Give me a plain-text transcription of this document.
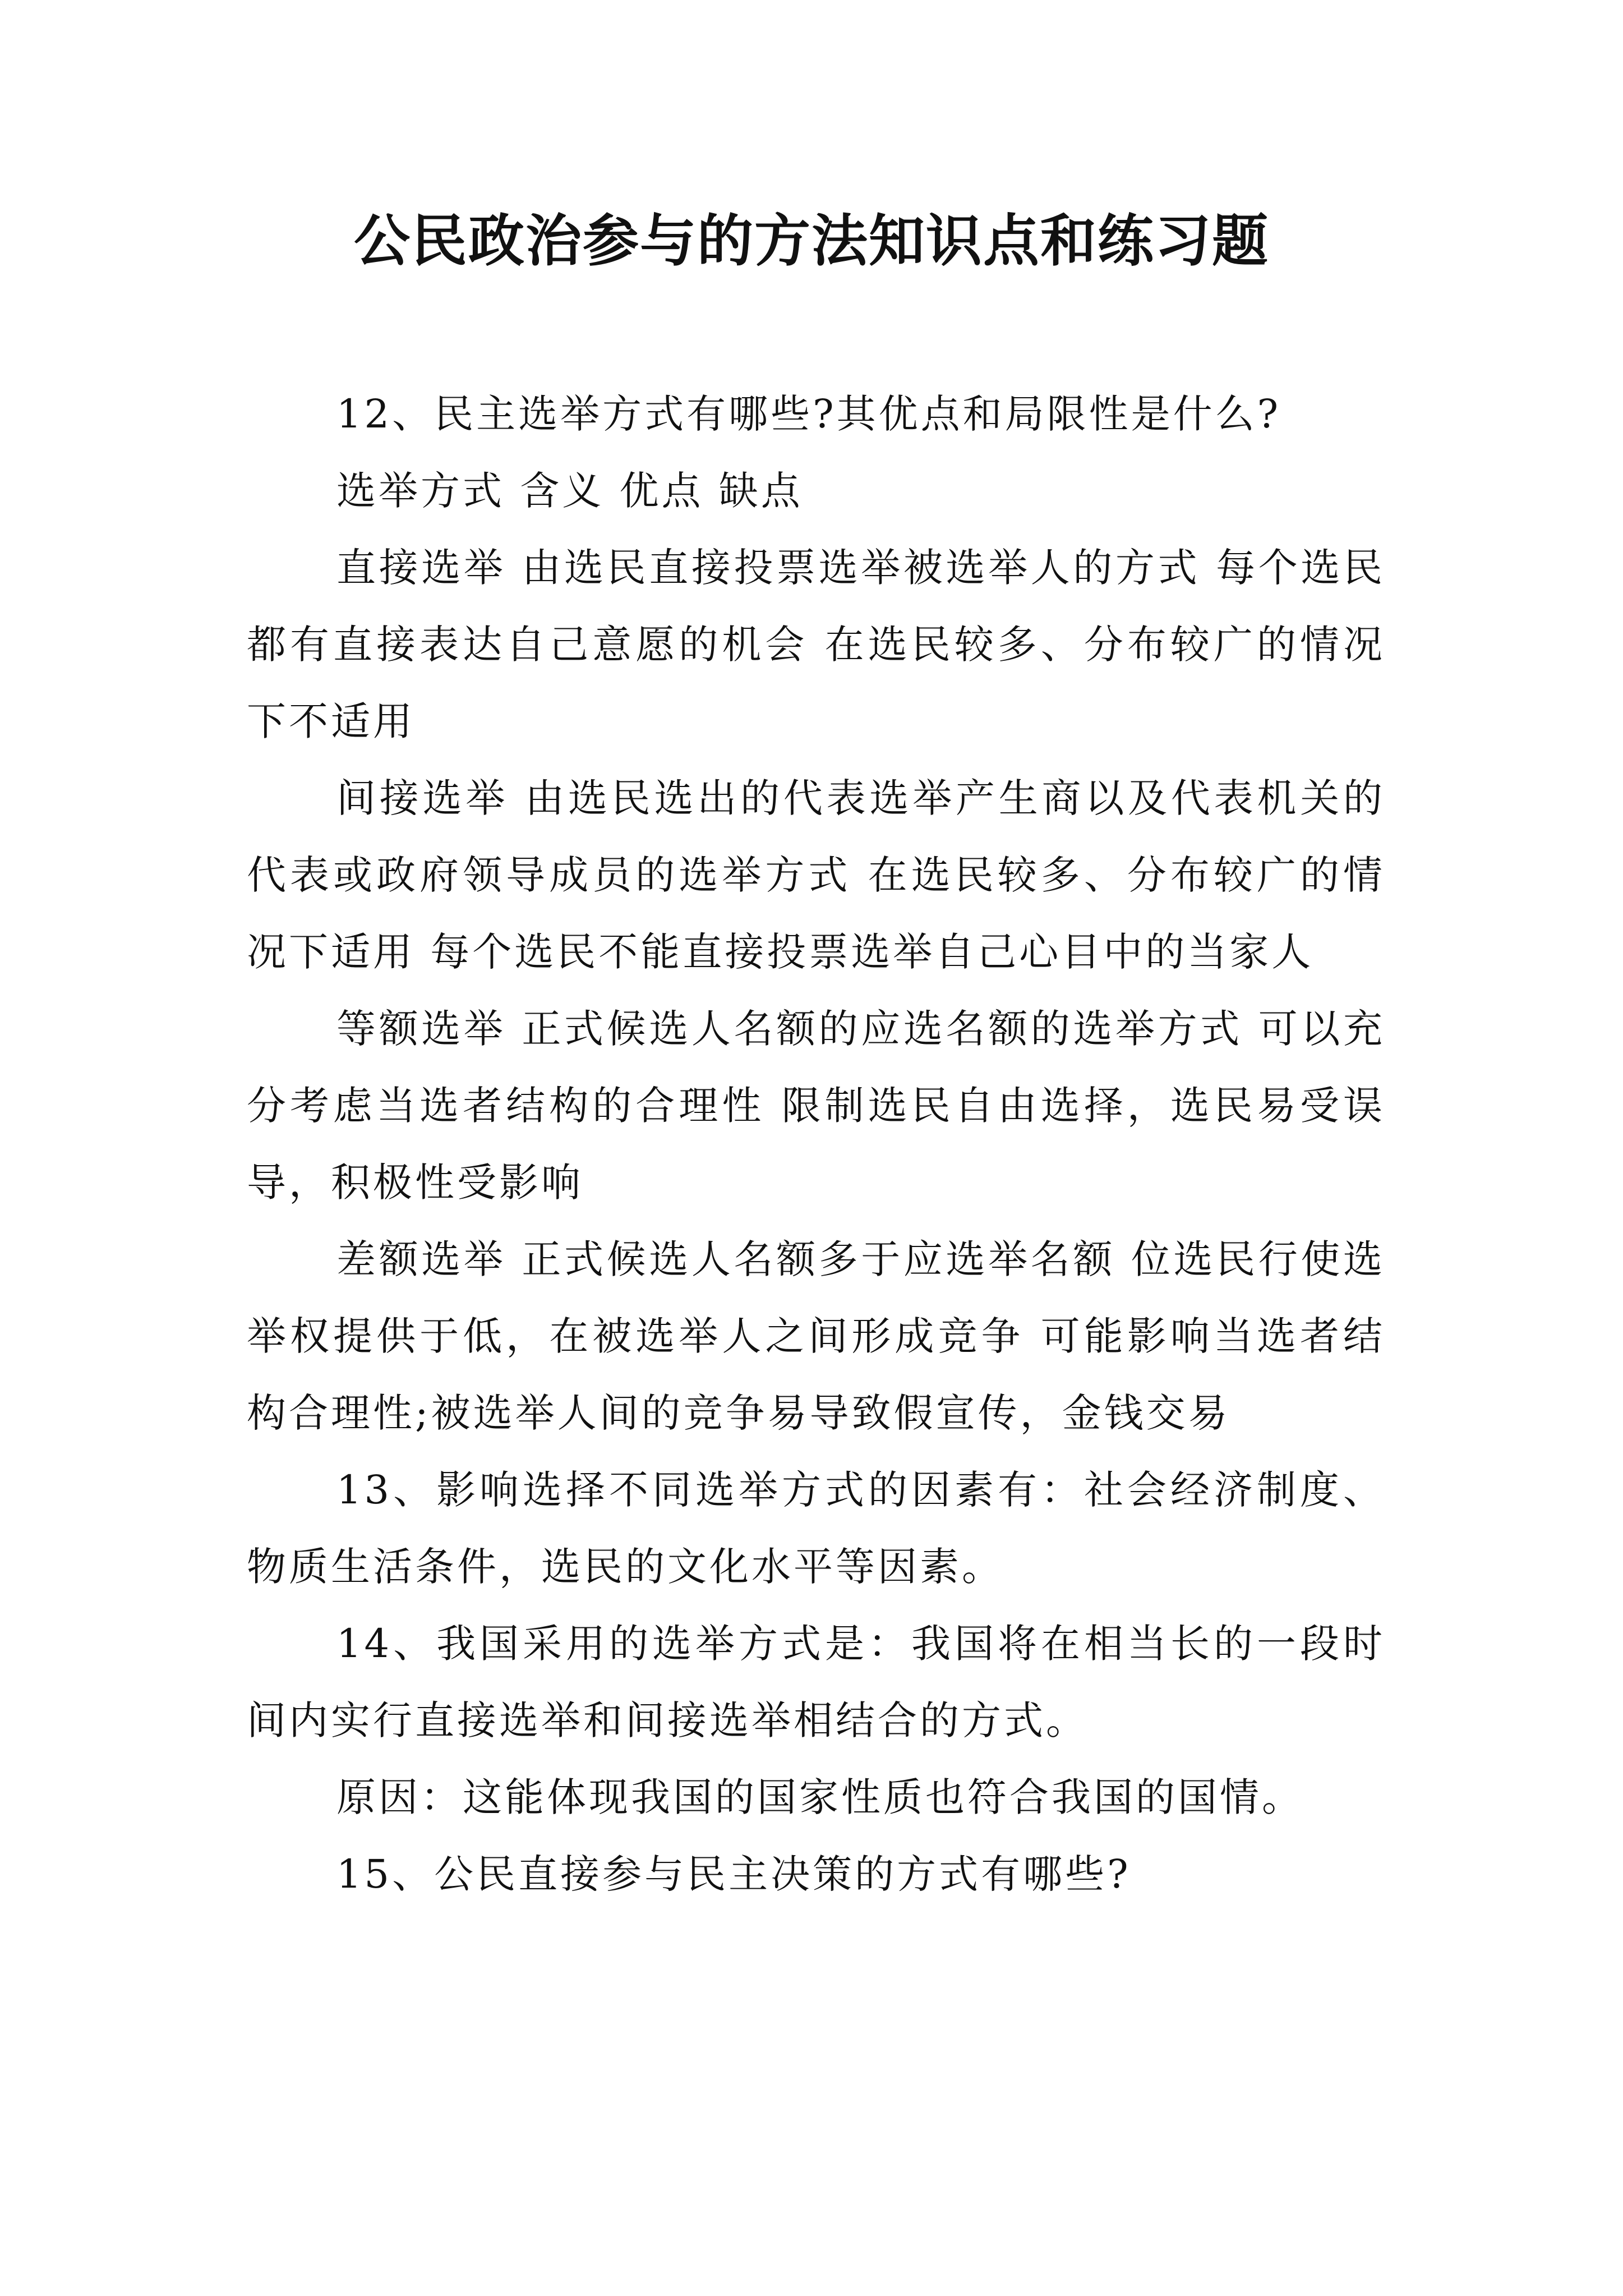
公民政治参与的方法知识点和练习题

12、民主选举方式有哪些?其优点和局限性是什么?

选举方式 含义 优点 缺点

直接选举 由选民直接投票选举被选举人的方式 每个选民都有直接表达自己意愿的机会 在选民较多、分布较广的情况下不适用

间接选举 由选民选出的代表选举产生商以及代表机关的代表或政府领导成员的选举方式 在选民较多、分布较广的情况下适用 每个选民不能直接投票选举自己心目中的当家人

等额选举 正式候选人名额的应选名额的选举方式 可以充分考虑当选者结构的合理性 限制选民自由选择，选民易受误导，积极性受影响

差额选举 正式候选人名额多于应选举名额 位选民行使选举权提供于低，在被选举人之间形成竞争 可能影响当选者结构合理性;被选举人间的竞争易导致假宣传，金钱交易

13、影响选择不同选举方式的因素有：社会经济制度、物质生活条件，选民的文化水平等因素。

14、我国采用的选举方式是：我国将在相当长的一段时间内实行直接选举和间接选举相结合的方式。

原因：这能体现我国的国家性质也符合我国的国情。

15、公民直接参与民主决策的方式有哪些?
